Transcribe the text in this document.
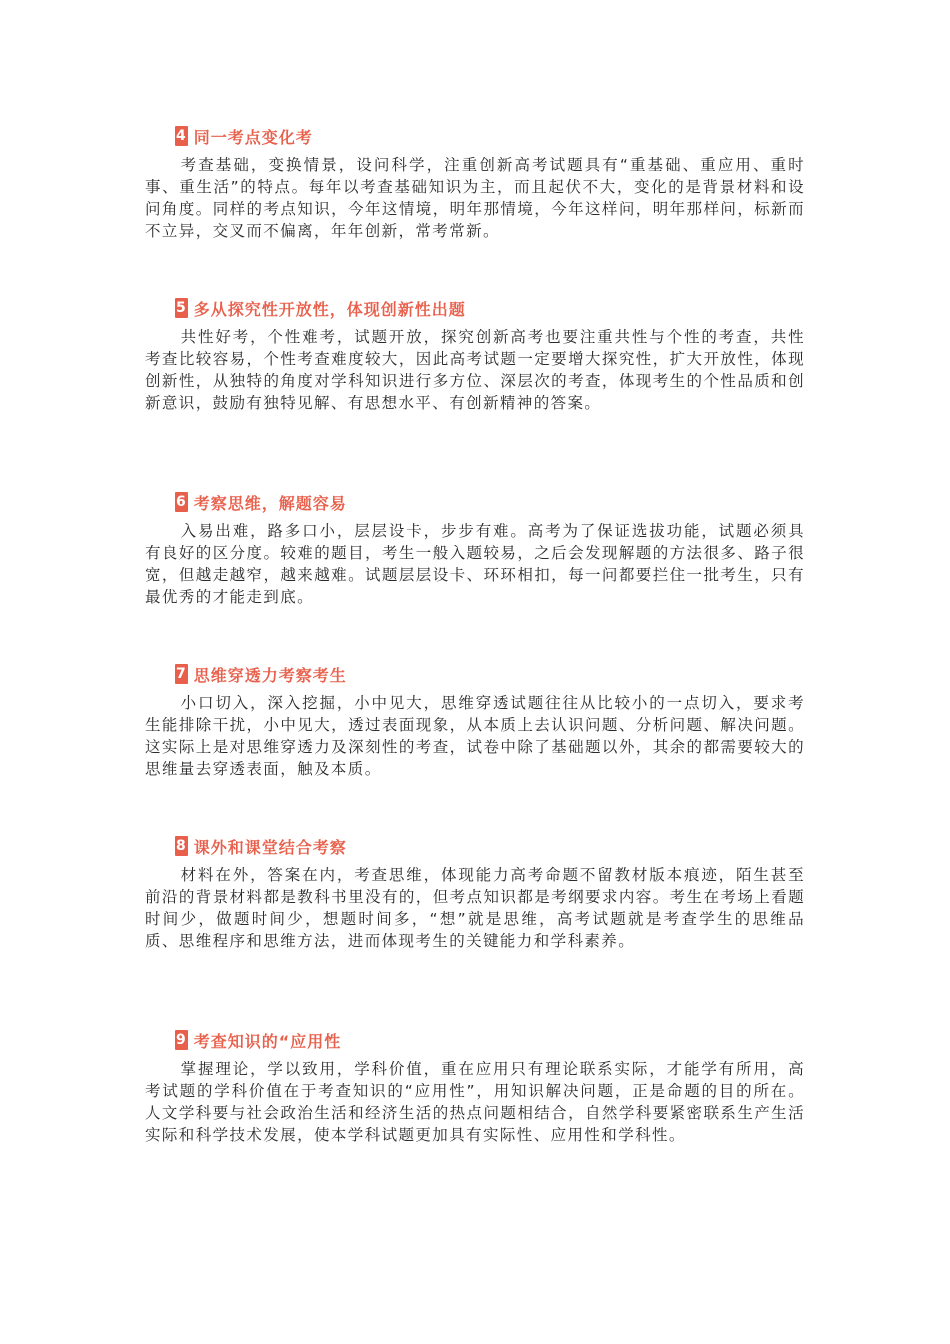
4 同一考点变化考

考查基础，变换情景，设问科学，注重创新高考试题具有“重基础、重应用、重时事、重生活”的特点。每年以考查基础知识为主，而且起伏不大，变化的是背景材料和设问角度。同样的考点知识，今年这情境，明年那情境，今年这样问，明年那样问，标新而不立异，交叉而不偏离，年年创新，常考常新。

5 多从探究性开放性，体现创新性出题

共性好考，个性难考，试题开放，探究创新高考也要注重共性与个性的考查，共性考查比较容易，个性考查难度较大，因此高考试题一定要增大探究性，扩大开放性，体现创新性，从独特的角度对学科知识进行多方位、深层次的考查，体现考生的个性品质和创新意识，鼓励有独特见解、有思想水平、有创新精神的答案。

6 考察思维，解题容易

入易出难，路多口小，层层设卡，步步有难。高考为了保证选拔功能，试题必须具有良好的区分度。较难的题目，考生一般入题较易，之后会发现解题的方法很多、路子很宽，但越走越窄，越来越难。试题层层设卡、环环相扣，每一问都要拦住一批考生，只有最优秀的才能走到底。

7 思维穿透力考察考生

小口切入，深入挖掘，小中见大，思维穿透试题往往从比较小的一点切入，要求考生能排除干扰，小中见大，透过表面现象，从本质上去认识问题、分析问题、解决问题。这实际上是对思维穿透力及深刻性的考查，试卷中除了基础题以外，其余的都需要较大的思维量去穿透表面，触及本质。

8 课外和课堂结合考察

材料在外，答案在内，考查思维，体现能力高考命题不留教材版本痕迹，陌生甚至前沿的背景材料都是教科书里没有的，但考点知识都是考纲要求内容。考生在考场上看题时间少，做题时间少，想题时间多，“想”就是思维，高考试题就是考查学生的思维品质、思维程序和思维方法，进而体现考生的关键能力和学科素养。

9 考查知识的“应用性

掌握理论，学以致用，学科价值，重在应用只有理论联系实际，才能学有所用，高考试题的学科价值在于考查知识的“应用性”，用知识解决问题，正是命题的目的所在。人文学科要与社会政治生活和经济生活的热点问题相结合，自然学科要紧密联系生产生活实际和科学技术发展，使本学科试题更加具有实际性、应用性和学科性。
